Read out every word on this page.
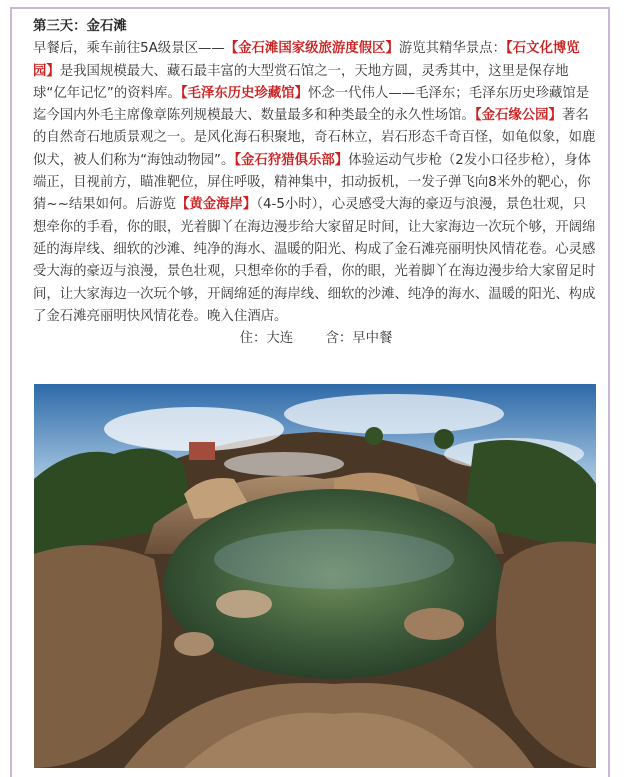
第三天：金石滩
早餐后，乘车前往5A级景区——【金石滩国家级旅游度假区】游览其精华景点：【石文化博览园】是我国规模最大、藏石最丰富的大型赏石馆之一，天地方圆，灵秀其中，这里是保存地球“亿年记忆”的资料库。【毛泽东历史珍藏馆】怀念一代伟人——毛泽东；毛泽东历史珍藏馆是迄今国内外毛主席像章陈列规模最大、数量最多和种类最全的永久性场馆。【金石缘公园】著名的自然奇石地质景观之一。是风化海石积聚地，奇石林立，岩石形态千奇百怪，如龟似象，如鹿似犬，被人们称为“海蚀动物园”。【金石狩猎俱乐部】体验运动气步枪（2发小口径步枪），身体端正，目视前方，瞄准靶位，屏住呼吸，精神集中，扣动扳机，一发子弹飞向8米外的靶心，你猜~~结果如何。后游览【黄金海岸】（4-5小时），心灵感受大海的豪迈与浪漫，景色壮观，只想牵你的手看，你的眼，光着脚丫在海边漫步给大家留足时间，让大家海边一次玩个够，开阔绵延的海岸线、细软的沙滩、纯净的海水、温暖的阳光、构成了金石滩亮丽明快风情花卷。心灵感受大海的豪迈与浪漫，景色壮观，只想牵你的手看，你的眼，光着脚丫在海边漫步给大家留足时间，让大家海边一次玩个够，开阔绵延的海岸线、细软的沙滩、纯净的海水、温暖的阳光、构成了金石滩亮丽明快风情花卷。晚入住酒店。
住：大连 含：早中餐
